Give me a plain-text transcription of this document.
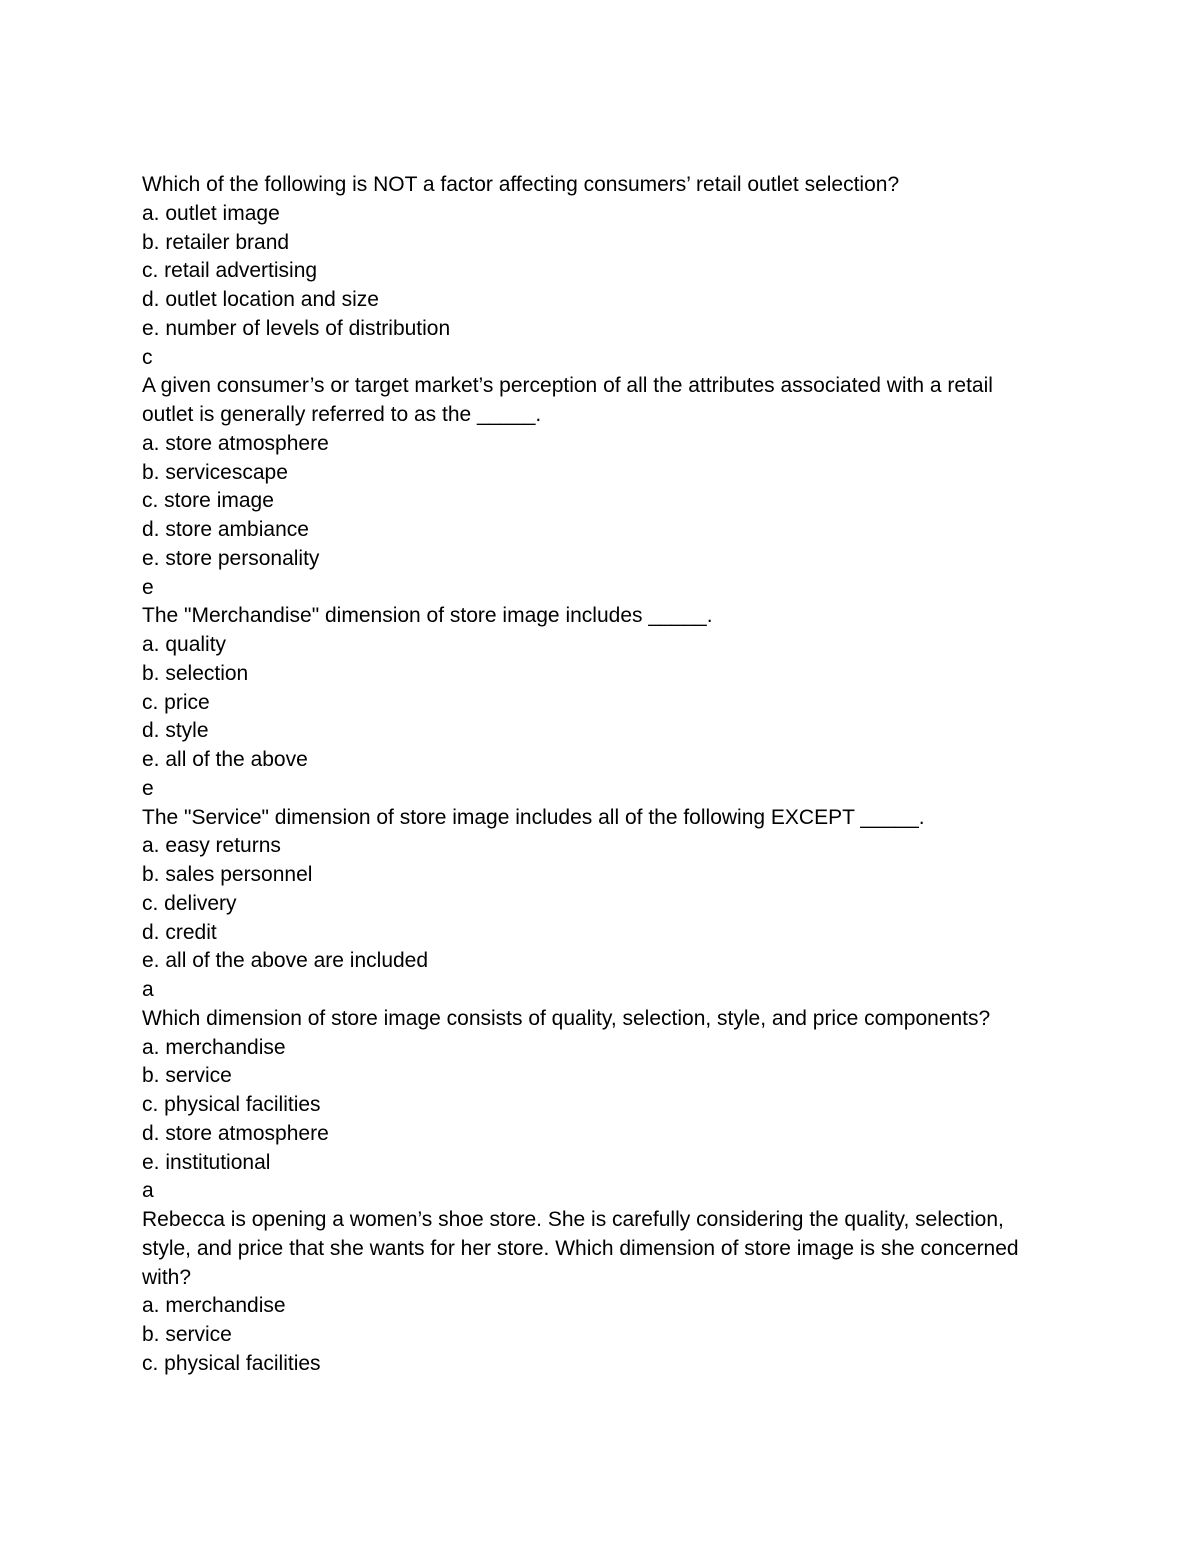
Which of the following is NOT a factor affecting consumers’ retail outlet selection?
a. outlet image
b. retailer brand
c. retail advertising
d. outlet location and size
e. number of levels of distribution
c
A given consumer’s or target market’s perception of all the attributes associated with a retail
outlet is generally referred to as the _____.
a. store atmosphere
b. servicescape
c. store image
d. store ambiance
e. store personality
e
The "Merchandise" dimension of store image includes _____.
a. quality
b. selection
c. price
d. style
e. all of the above
e
The "Service" dimension of store image includes all of the following EXCEPT _____.
a. easy returns
b. sales personnel
c. delivery
d. credit
e. all of the above are included
a
Which dimension of store image consists of quality, selection, style, and price components?
a. merchandise
b. service
c. physical facilities
d. store atmosphere
e. institutional
a
Rebecca is opening a women’s shoe store. She is carefully considering the quality, selection,
style, and price that she wants for her store. Which dimension of store image is she concerned
with?
a. merchandise
b. service
c. physical facilities
